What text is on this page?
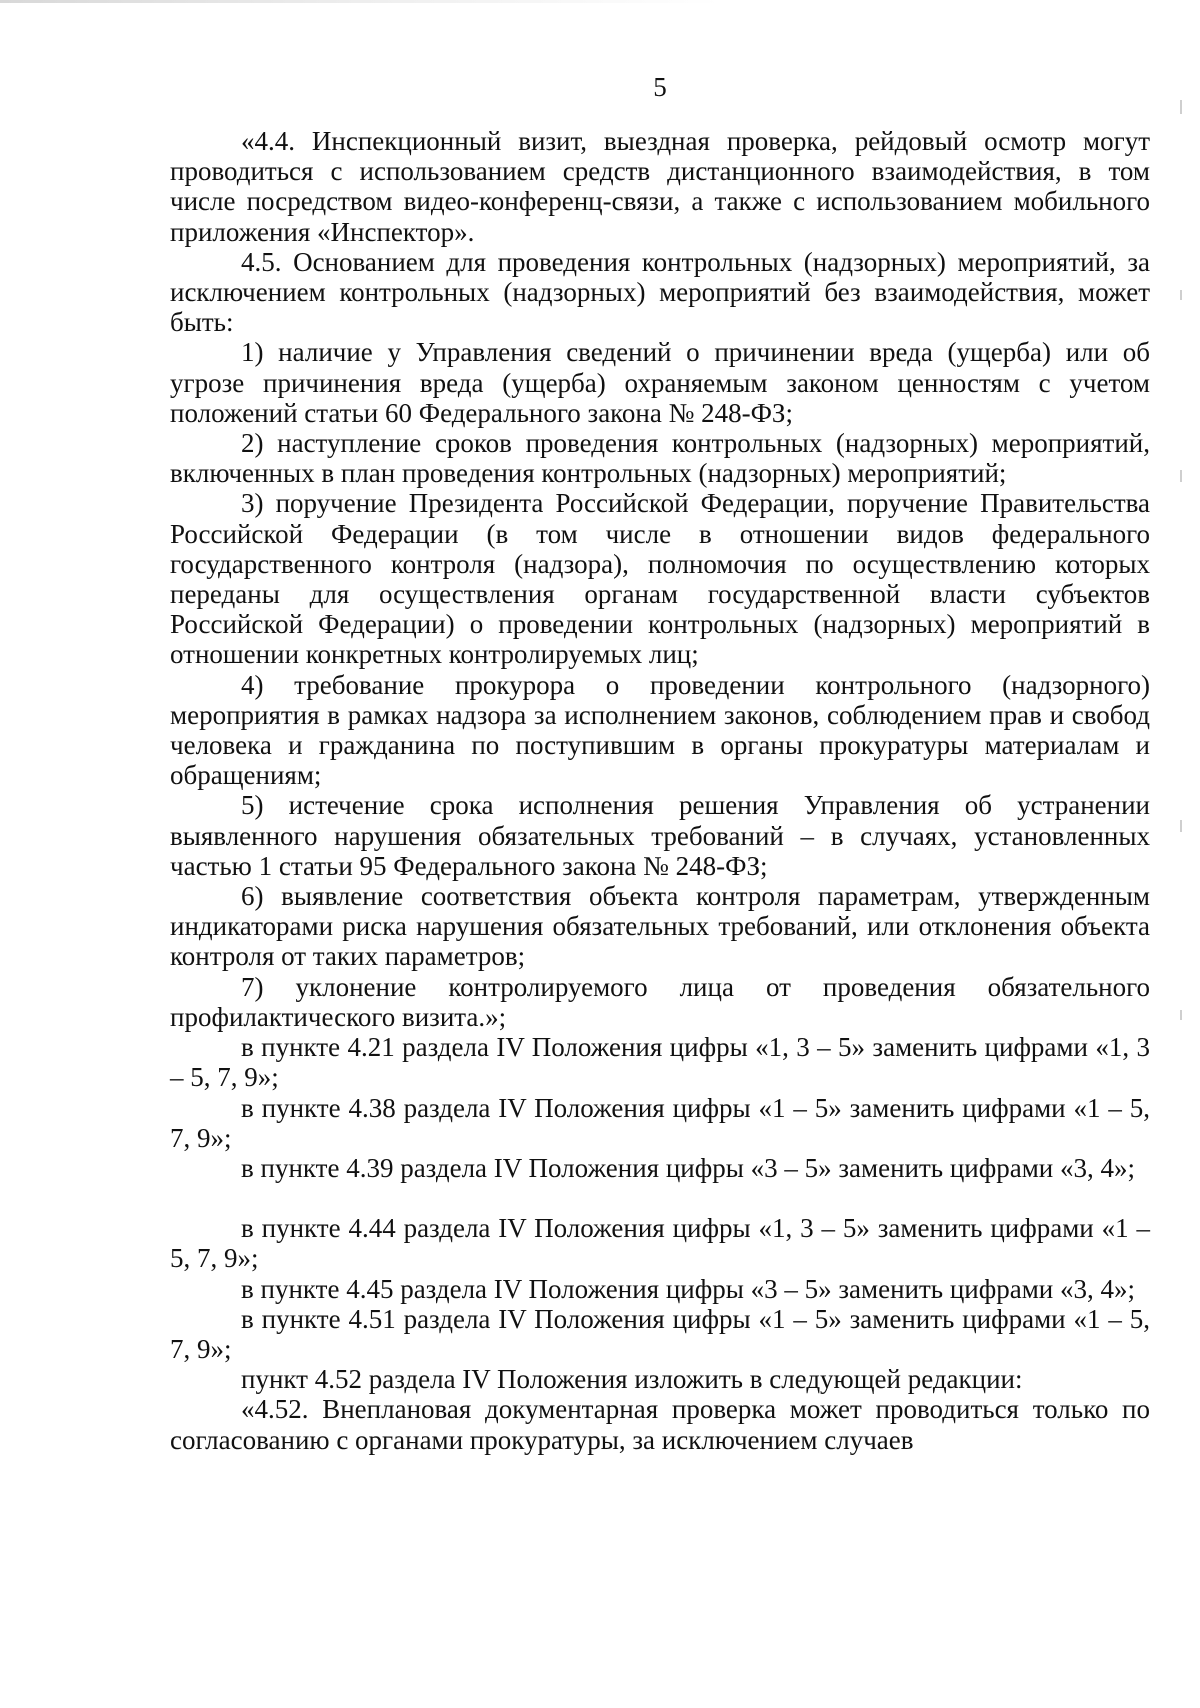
5

«4.4. Инспекционный визит, выездная проверка, рейдовый осмотр могут проводиться с использованием средств дистанционного взаимодействия, в том числе посредством видео-конференц-связи, а также с использованием мобильного приложения «Инспектор».

4.5. Основанием для проведения контрольных (надзорных) мероприятий, за исключением контрольных (надзорных) мероприятий без взаимодействия, может быть:

1) наличие у Управления сведений о причинении вреда (ущерба) или об угрозе причинения вреда (ущерба) охраняемым законом ценностям с учетом положений статьи 60 Федерального закона № 248-ФЗ;

2) наступление сроков проведения контрольных (надзорных) мероприятий, включенных в план проведения контрольных (надзорных) мероприятий;

3) поручение Президента Российской Федерации, поручение Правительства Российской Федерации (в том числе в отношении видов федерального государственного контроля (надзора), полномочия по осуществлению которых переданы для осуществления органам государственной власти субъектов Российской Федерации) о проведении контрольных (надзорных) мероприятий в отношении конкретных контролируемых лиц;

4) требование прокурора о проведении контрольного (надзорного) мероприятия в рамках надзора за исполнением законов, соблюдением прав и свобод человека и гражданина по поступившим в органы прокуратуры материалам и обращениям;

5) истечение срока исполнения решения Управления об устранении выявленного нарушения обязательных требований – в случаях, установленных частью 1 статьи 95 Федерального закона № 248-ФЗ;

6) выявление соответствия объекта контроля параметрам, утвержденным индикаторами риска нарушения обязательных требований, или отклонения объекта контроля от таких параметров;

7) уклонение контролируемого лица от проведения обязательного профилактического визита.»;

в пункте 4.21 раздела IV Положения цифры «1, 3 – 5» заменить цифрами «1, 3 – 5, 7, 9»;

в пункте 4.38 раздела IV Положения цифры «1 – 5» заменить цифрами «1 – 5, 7, 9»;

в пункте 4.39 раздела IV Положения цифры «3 – 5» заменить цифрами «3, 4»;

в пункте 4.44 раздела IV Положения цифры «1, 3 – 5» заменить цифрами «1 – 5, 7, 9»;

в пункте 4.45 раздела IV Положения цифры «3 – 5» заменить цифрами «3, 4»;

в пункте 4.51 раздела IV Положения цифры «1 – 5» заменить цифрами «1 – 5, 7, 9»;

пункт 4.52 раздела IV Положения изложить в следующей редакции:

«4.52. Внеплановая документарная проверка может проводиться только по согласованию с органами прокуратуры, за исключением случаев
